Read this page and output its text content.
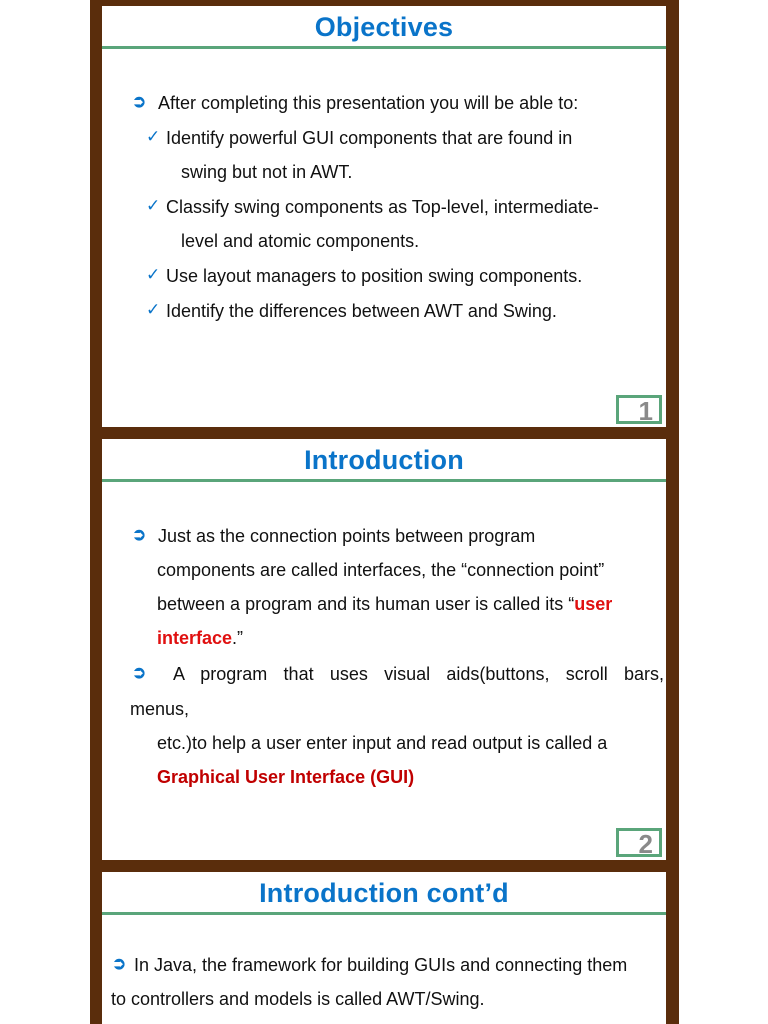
Objectives
➲ After completing this presentation you will be able to:
✓ Identify powerful GUI components that are found in
swing but not in AWT.
✓ Classify swing components as Top-level, intermediate-
level and atomic components.
✓ Use layout managers to position swing components.
✓ Identify the differences between AWT and Swing.
1
Introduction
➲ Just as the connection points between program
components are called interfaces, the “connection point”
between a program and its human user is called its “user
interface.”
➲ A program that uses visual aids(buttons, scroll bars,
menus,
etc.)to help a user enter input and read output is called a
Graphical User Interface (GUI)
2
Introduction cont’d
➲ In Java, the framework for building GUIs and connecting them
to controllers and models is called AWT/Swing.
